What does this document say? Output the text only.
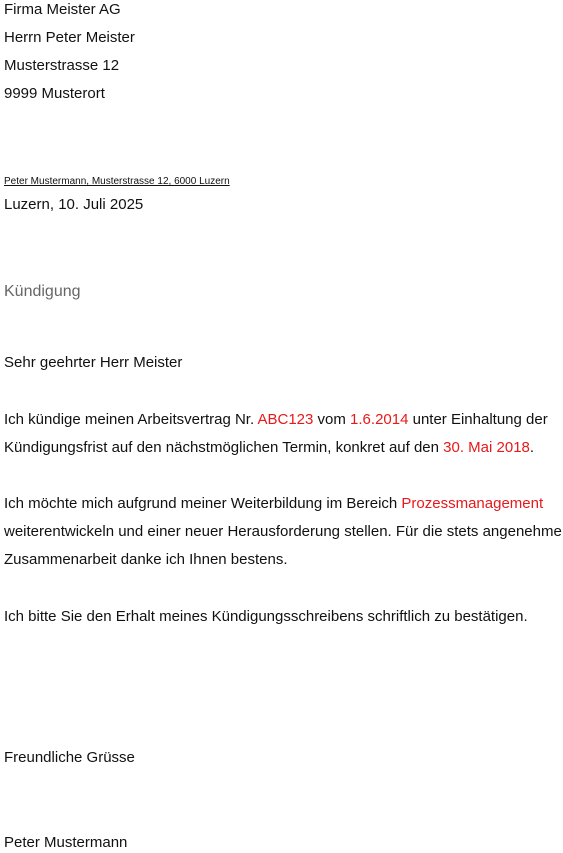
Firma Meister AG
Herrn Peter Meister
Musterstrasse 12
9999 Musterort
Peter Mustermann, Musterstrasse 12, 6000 Luzern
Luzern, 10. Juli 2025
Kündigung
Sehr geehrter Herr Meister
Ich kündige meinen Arbeitsvertrag Nr. ABC123 vom 1.6.2014 unter Einhaltung der
Kündigungsfrist auf den nächstmöglichen Termin, konkret auf den 30. Mai 2018.
Ich möchte mich aufgrund meiner Weiterbildung im Bereich Prozessmanagement
weiterentwickeln und einer neuer Herausforderung stellen. Für die stets angenehme
Zusammenarbeit danke ich Ihnen bestens.
Ich bitte Sie den Erhalt meines Kündigungsschreibens schriftlich zu bestätigen.
Freundliche Grüsse
Peter Mustermann
